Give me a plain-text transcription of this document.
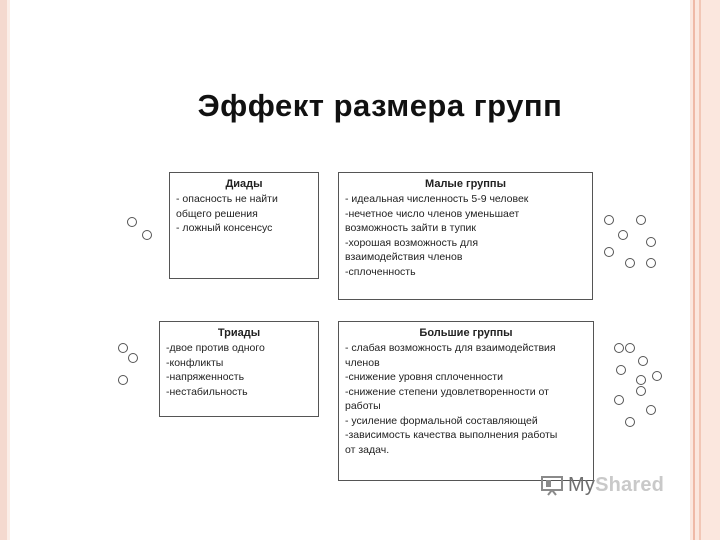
Эффект размера групп
Диады
- опасность не найти
общего решения
- ложный консенсус
Малые группы
- идеальная численность 5-9 человек
-нечетное число членов уменьшает
возможность зайти в тупик
-хорошая возможность для
взаимодействия членов
-сплоченность
Триады
-двое против одного
-конфликты
-напряженность
-нестабильность
Большие группы
- слабая возможность для взаимодействия
членов
-снижение уровня сплоченности
-снижение степени удовлетворенности от
работы
- усиление формальной составляющей
-зависимость качества выполнения работы
от задач.
MyShared
